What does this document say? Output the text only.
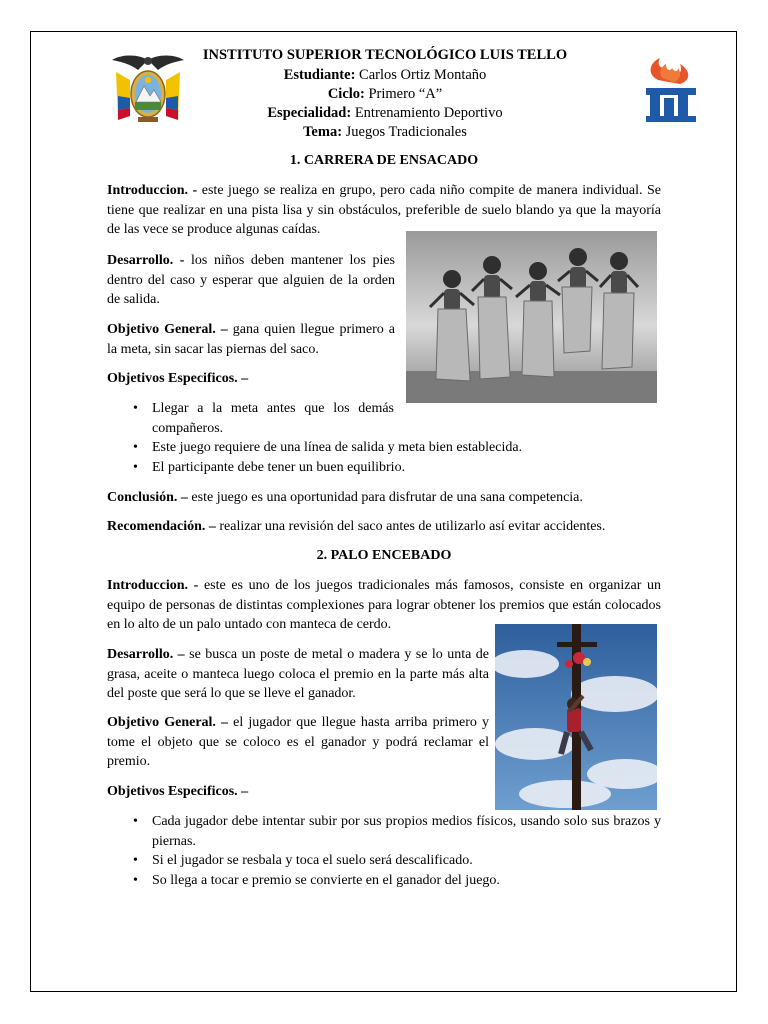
INSTITUTO SUPERIOR TECNOLÓGICO LUIS TELLO
Estudiante: Carlos Ortiz Montaño
Ciclo: Primero “A”
Especialidad: Entrenamiento Deportivo
Tema: Juegos Tradicionales
1. CARRERA DE ENSACADO
Introduccion. - este juego se realiza en grupo, pero cada niño compite de manera individual. Se tiene que realizar en una pista lisa y sin obstáculos, preferible de suelo blando ya que la mayoría de las vece se produce algunas caídas.
Desarrollo. - los niños deben mantener los pies dentro del caso y esperar que alguien de la orden de salida.
Objetivo General. – gana quien llegue primero a la meta, sin sacar las piernas del saco.
Objetivos Especificos. –
• Llegar a la meta antes que los demás compañeros.
• Este juego requiere de una línea de salida y meta bien establecida.
• El participante debe tener un buen equilibrio.
Conclusión. – este juego es una oportunidad para disfrutar de una sana competencia.
Recomendación. – realizar una revisión del saco antes de utilizarlo así evitar accidentes.
2. PALO ENCEBADO
Introduccion. - este es uno de los juegos tradicionales más famosos, consiste en organizar un equipo de personas de distintas complexiones para lograr obtener los premios que están colocados en lo alto de un palo untado con manteca de cerdo.
Desarrollo. – se busca un poste de metal o madera y se lo unta de grasa, aceite o manteca luego coloca el premio en la parte más alta del poste que será lo que se lleve el ganador.
Objetivo General. – el jugador que llegue hasta arriba primero y tome el objeto que se coloco es el ganador y podrá reclamar el premio.
Objetivos Especificos. –
• Cada jugador debe intentar subir por sus propios medios físicos, usando solo sus brazos y piernas.
• Si el jugador se resbala y toca el suelo será descalificado.
• So llega a tocar e premio se convierte en el ganador del juego.
